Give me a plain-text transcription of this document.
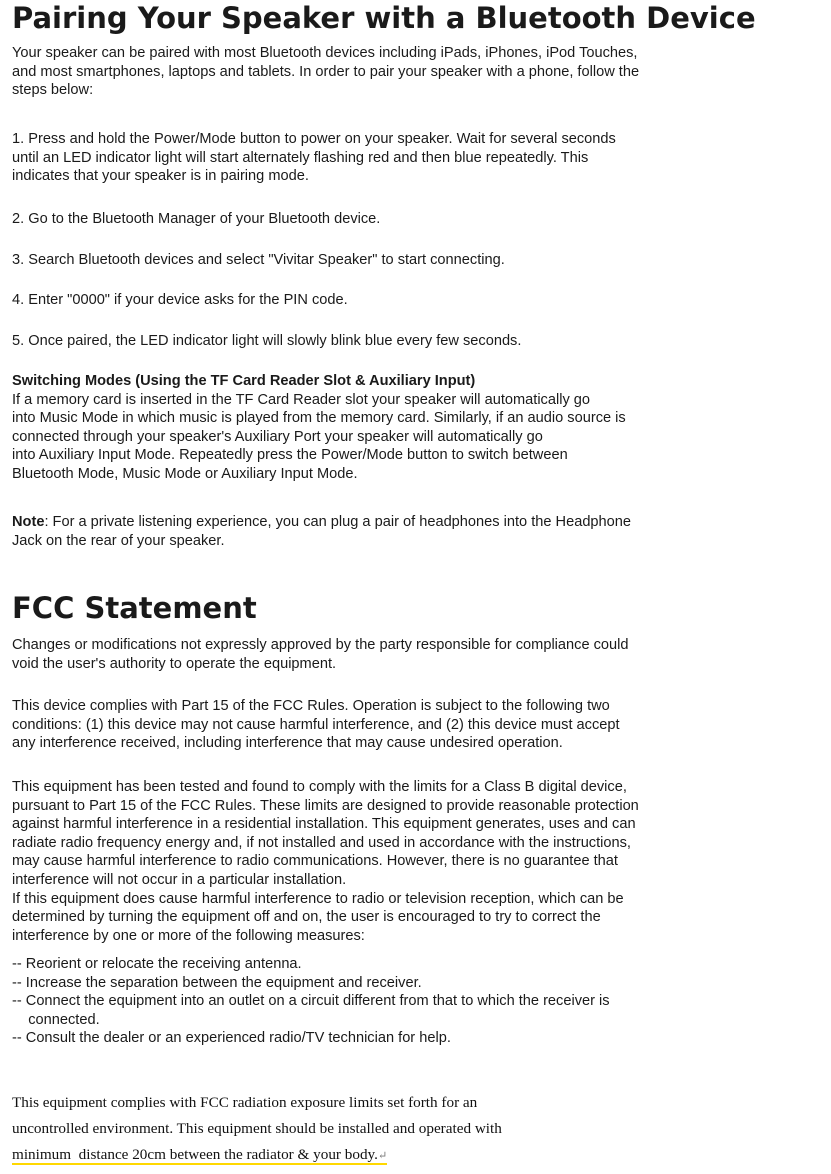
Pairing Your Speaker with a Bluetooth Device

Your speaker can be paired with most Bluetooth devices including iPads, iPhones, iPod Touches,

and most smartphones, laptops and tablets. In order to pair your speaker with a phone, follow the

steps below:

1. Press and hold the Power/Mode button to power on your speaker. Wait for several seconds

until an LED indicator light will start alternately flashing red and then blue repeatedly. This

indicates that your speaker is in pairing mode.

2. Go to the Bluetooth Manager of your Bluetooth device.

3. Search Bluetooth devices and select "Vivitar Speaker" to start connecting.

4. Enter "0000" if your device asks for the PIN code.

5. Once paired, the LED indicator light will slowly blink blue every few seconds.

Switching Modes (Using the TF Card Reader Slot & Auxiliary Input)

If a memory card is inserted in the TF Card Reader slot your speaker will automatically go

into Music Mode in which music is played from the memory card. Similarly, if an audio source is

connected through your speaker's Auxiliary Port your speaker will automatically go

into Auxiliary Input Mode. Repeatedly press the Power/Mode button to switch between

Bluetooth Mode, Music Mode or Auxiliary Input Mode.

Note: For a private listening experience, you can plug a pair of headphones into the Headphone

Jack on the rear of your speaker.

FCC Statement

Changes or modifications not expressly approved by the party responsible for compliance could

void the user's authority to operate the equipment.

This device complies with Part 15 of the FCC Rules. Operation is subject to the following two

conditions: (1) this device may not cause harmful interference, and (2) this device must accept

any interference received, including interference that may cause undesired operation.

This equipment has been tested and found to comply with the limits for a Class B digital device,

pursuant to Part 15 of the FCC Rules. These limits are designed to provide reasonable protection

against harmful interference in a residential installation. This equipment generates, uses and can

radiate radio frequency energy and, if not installed and used in accordance with the instructions,

may cause harmful interference to radio communications. However, there is no guarantee that

interference will not occur in a particular installation.

If this equipment does cause harmful interference to radio or television reception, which can be

determined by turning the equipment off and on, the user is encouraged to try to correct the

interference by one or more of the following measures:

-- Reorient or relocate the receiving antenna.

-- Increase the separation between the equipment and receiver.

-- Connect the equipment into an outlet on a circuit different from that to which the receiver is

connected.

-- Consult the dealer or an experienced radio/TV technician for help.

This equipment complies with FCC radiation exposure limits set forth for an

uncontrolled environment. This equipment should be installed and operated with

minimum  distance 20cm between the radiator & your body.↵
